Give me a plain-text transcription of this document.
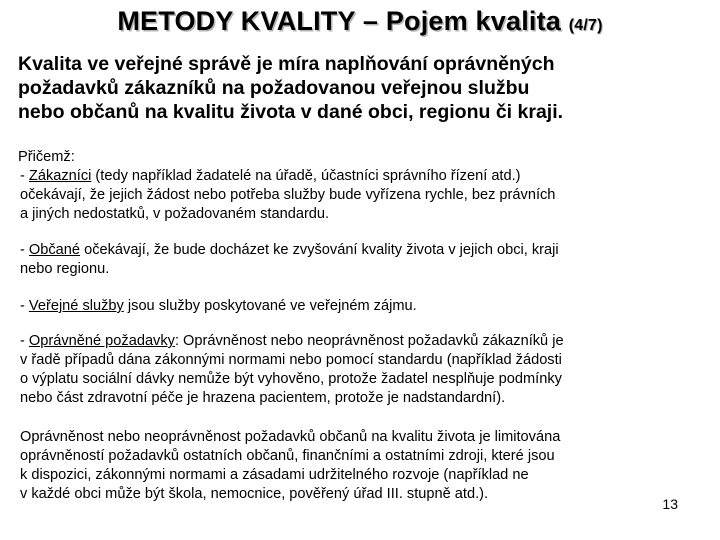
METODY KVALITY – Pojem kvalita (4/7)
Kvalita ve veřejné správě je míra naplňování oprávněných
požadavků zákazníků na požadovanou veřejnou službu
nebo občanů na kvalitu života v dané obci, regionu či kraji.
Přičemž:
- Zákazníci (tedy například žadatelé na úřadě, účastníci správního řízení atd.)
očekávají, že jejich žádost nebo potřeba služby bude vyřízena rychle, bez právních
a jiných nedostatků, v požadovaném standardu.
- Občané očekávají, že bude docházet ke zvyšování kvality života v jejich obci, kraji
nebo regionu.
- Veřejné služby jsou služby poskytované ve veřejném zájmu.
- Oprávněné požadavky: Oprávněnost nebo neoprávněnost požadavků zákazníků je
v řadě případů dána zákonnými normami nebo pomocí standardu (například žádosti
o výplatu sociální dávky nemůže být vyhověno, protože žadatel nesplňuje podmínky
nebo část zdravotní péče je hrazena pacientem, protože je nadstandardní).
Oprávněnost nebo neoprávněnost požadavků občanů na kvalitu života je limitována
oprávněností požadavků ostatních občanů, finančními a ostatními zdroji, které jsou
k dispozici, zákonnými normami a zásadami udržitelného rozvoje (například ne
v každé obci může být škola, nemocnice, pověřený úřad III. stupně atd.).
13
